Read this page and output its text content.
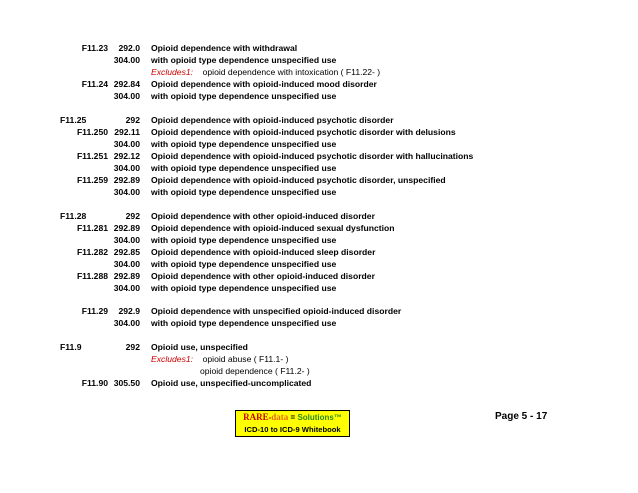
F11.23	292.0 Opioid dependence with withdrawal
304.00 with opioid type dependence unspecified use
Excludes1: opioid dependence with intoxication ( F11.22- )
F11.24 292.84 Opioid dependence with opioid-induced mood disorder
304.00 with opioid type dependence unspecified use
F11.25	292 Opioid dependence with opioid-induced psychotic disorder
F11.250 292.11 Opioid dependence with opioid-induced psychotic disorder with delusions
304.00 with opioid type dependence unspecified use
F11.251 292.12 Opioid dependence with opioid-induced psychotic disorder with hallucinations
304.00 with opioid type dependence unspecified use
F11.259 292.89 Opioid dependence with opioid-induced psychotic disorder, unspecified
304.00 with opioid type dependence unspecified use
F11.28	292 Opioid dependence with other opioid-induced disorder
F11.281 292.89 Opioid dependence with opioid-induced sexual dysfunction
304.00 with opioid type dependence unspecified use
F11.282 292.85 Opioid dependence with opioid-induced sleep disorder
304.00 with opioid type dependence unspecified use
F11.288 292.89 Opioid dependence with other opioid-induced disorder
304.00 with opioid type dependence unspecified use
F11.29	292.9 Opioid dependence with unspecified opioid-induced disorder
304.00 with opioid type dependence unspecified use
F11.9	292 Opioid use, unspecified
Excludes1: opioid abuse ( F11.1- )
opioid dependence ( F11.2- )
F11.90 305.50 Opioid use, unspecified-uncomplicated
RARE-data = Solutions™
ICD-10 to ICD-9 Whitebook
Page 5 - 17
